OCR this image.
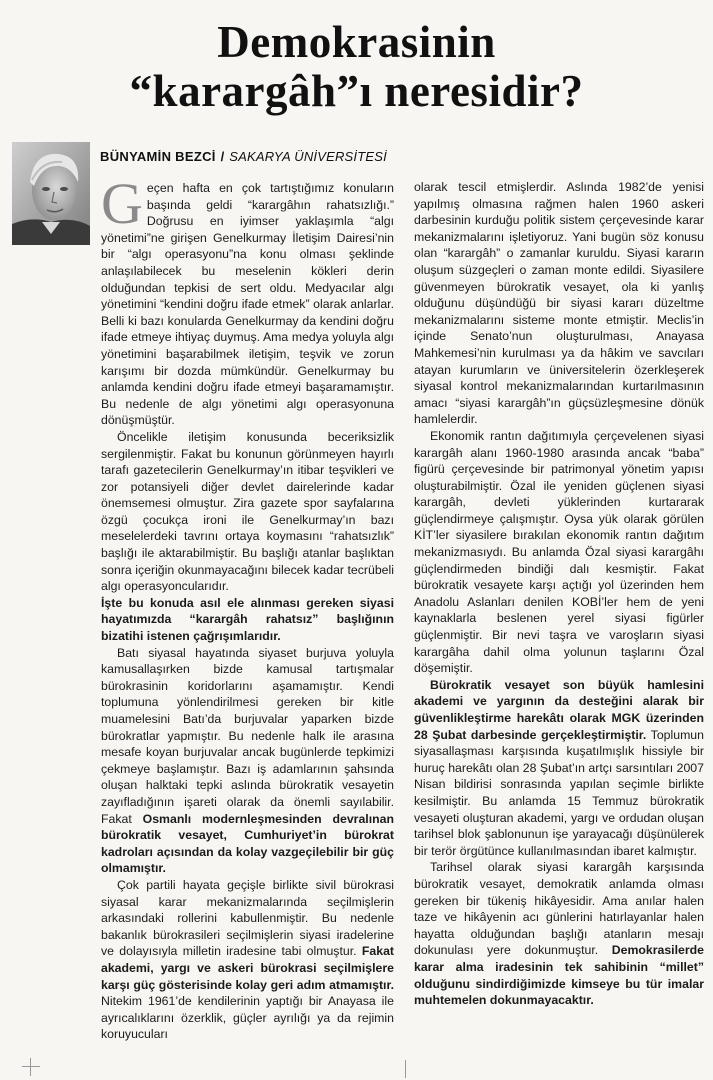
Demokrasinin
“karargâh”ı neresidir?
BÜNYAMİN BEZCİ / SAKARYA ÜNİVERSİTESİ

Geçen hafta en çok tartıştığımız konuların başında geldi “karargâhın rahatsızlığı.” Doğrusu en iyimser yaklaşımla “algı yönetimi”ne girişen Genelkurmay İletişim Dairesi’nin bir “algı operasyonu”na konu olması şeklinde anlaşılabilecek bu meselenin kökleri derin olduğundan tepkisi de sert oldu. Medyacılar algı yönetimini “kendini doğru ifade etmek” olarak anlarlar. Belli ki bazı konularda Genelkurmay da kendini doğru ifade etmeye ihtiyaç duymuş. Ama medya yoluyla algı yönetimini başarabilmek iletişim, teşvik ve zorun karışımı bir dozda mümkündür. Genelkurmay bu anlamda kendini doğru ifade etmeyi başaramamıştır. Bu nedenle de algı yönetimi algı operasyonuna dönüşmüştür.

Öncelikle iletişim konusunda beceriksizlik sergilenmiştir. Fakat bu konunun görünmeyen hayırlı tarafı gazetecilerin Genelkurmay’ın itibar teşvikleri ve zor potansiyeli diğer devlet dairelerinde kadar önemsemesi olmuştur. Zira gazete spor sayfalarına özgü çocukça ironi ile Genelkurmay’ın bazı meselelerdeki tavrını ortaya koymasını “rahatsızlık” başlığı ile aktarabilmiştir. Bu başlığı atanlar başlıktan sonra içeriğin okunmayacağını bilecek kadar tecrübeli algı operasyoncularıdır.

İşte bu konuda asıl ele alınması gereken siyasi hayatımızda “karargâh rahatsız” başlığının bizatihi istenen çağrışımlarıdır.

Batı siyasal hayatında siyaset burjuva yoluyla kamusallaşırken bizde kamusal tartışmalar bürokrasinin koridorlarını aşamamıştır. Kendi toplumuna yönlendirilmesi gereken bir kitle muamelesini Batı’da burjuvalar yaparken bizde bürokratlar yapmıştır. Bu nedenle halk ile arasına mesafe koyan burjuvalar ancak bugünlerde tepkimizi çekmeye başlamıştır. Bazı iş adamlarının şahsında oluşan halktaki tepki aslında bürokratik vesayetin zayıfladığının işareti olarak da önemli sayılabilir. Fakat Osmanlı modernleşmesinden devralınan bürokratik vesayet, Cumhuriyet’in bürokrat kadroları açısından da kolay vazgeçilebilir bir güç olmamıştır.

Çok partili hayata geçişle birlikte sivil bürokrasi siyasal karar mekanizmalarında seçilmişlerin arkasındaki rollerini kabullenmiştir. Bu nedenle bakanlık bürokrasileri seçilmişlerin siyasi iradelerine ve dolayısıyla milletin iradesine tabi olmuştur. Fakat akademi, yargı ve askeri bürokrasi seçilmişlere karşı güç gösterisinde kolay geri adım atmamıştır. Nitekim 1961’de kendilerinin yaptığı bir Anayasa ile ayrıcalıklarını özerklik, güçler ayrılığı ya da rejimin koruyucuları

olarak tescil etmişlerdir. Aslında 1982’de yenisi yapılmış olmasına rağmen halen 1960 askeri darbesinin kurduğu politik sistem çerçevesinde karar mekanizmalarını işletiyoruz. Yani bugün söz konusu olan “karargâh” o zamanlar kuruldu. Siyasi kararın oluşum süzgeçleri o zaman monte edildi. Siyasilere güvenmeyen bürokratik vesayet, ola ki yanlış olduğunu düşündüğü bir siyasi kararı düzeltme mekanizmalarını sisteme monte etmiştir. Meclis’in içinde Senato’nun oluşturulması, Anayasa Mahkemesi’nin kurulması ya da hâkim ve savcıları atayan kurumların ve üniversitelerin özerkleşerek siyasal kontrol mekanizmalarından kurtarılmasının amacı “siyasi karargâh”ın güçsüzleşmesine dönük hamlelerdir.

Ekonomik rantın dağıtımıyla çerçevelenen siyasi karargâh alanı 1960-1980 arasında ancak “baba” figürü çerçevesinde bir patrimonyal yönetim yapısı oluşturabilmiştir. Özal ile yeniden güçlenen siyasi karargâh, devleti yüklerinden kurtararak güçlendirmeye çalışmıştır. Oysa yük olarak görülen KİT’ler siyasilere bırakılan ekonomik rantın dağıtım mekanizmasıydı. Bu anlamda Özal siyasi karargâhı güçlendirmeden bindiği dalı kesmiştir. Fakat bürokratik vesayete karşı açtığı yol üzerinden hem Anadolu Aslanları denilen KOBİ’ler hem de yeni kaynaklarla beslenen yerel siyasi figürler güçlenmiştir. Bir nevi taşra ve varoşların siyasi karargâha dahil olma yolunun taşlarını Özal döşemiştir.

Bürokratik vesayet son büyük hamlesini akademi ve yargının da desteğini alarak bir güvenlikleştirme harekâtı olarak MGK üzerinden 28 Şubat darbesinde gerçekleştirmiştir. Toplumun siyasallaşması karşısında kuşatılmışlık hissiyle bir huruç harekâtı olan 28 Şubat’ın artçı sarsıntıları 2007 Nisan bildirisi sonrasında yapılan seçimle birlikte kesilmiştir. Bu anlamda 15 Temmuz bürokratik vesayeti oluşturan akademi, yargı ve ordudan oluşan tarihsel blok şablonunun işe yarayacağı düşünülerek bir terör örgütünce kullanılmasından ibaret kalmıştır.

Tarihsel olarak siyasi karargâh karşısında bürokratik vesayet, demokratik anlamda olması gereken bir tükeniş hikâyesidir. Ama anılar halen taze ve hikâyenin acı günlerini hatırlayanlar halen hayatta olduğundan başlığı atanların mesajı dokunulası yere dokunmuştur. Demokrasilerde karar alma iradesinin tek sahibinin “millet” olduğunu sindirdiğimizde kimseye bu tür imalar muhtemelen dokunmayacaktır.
